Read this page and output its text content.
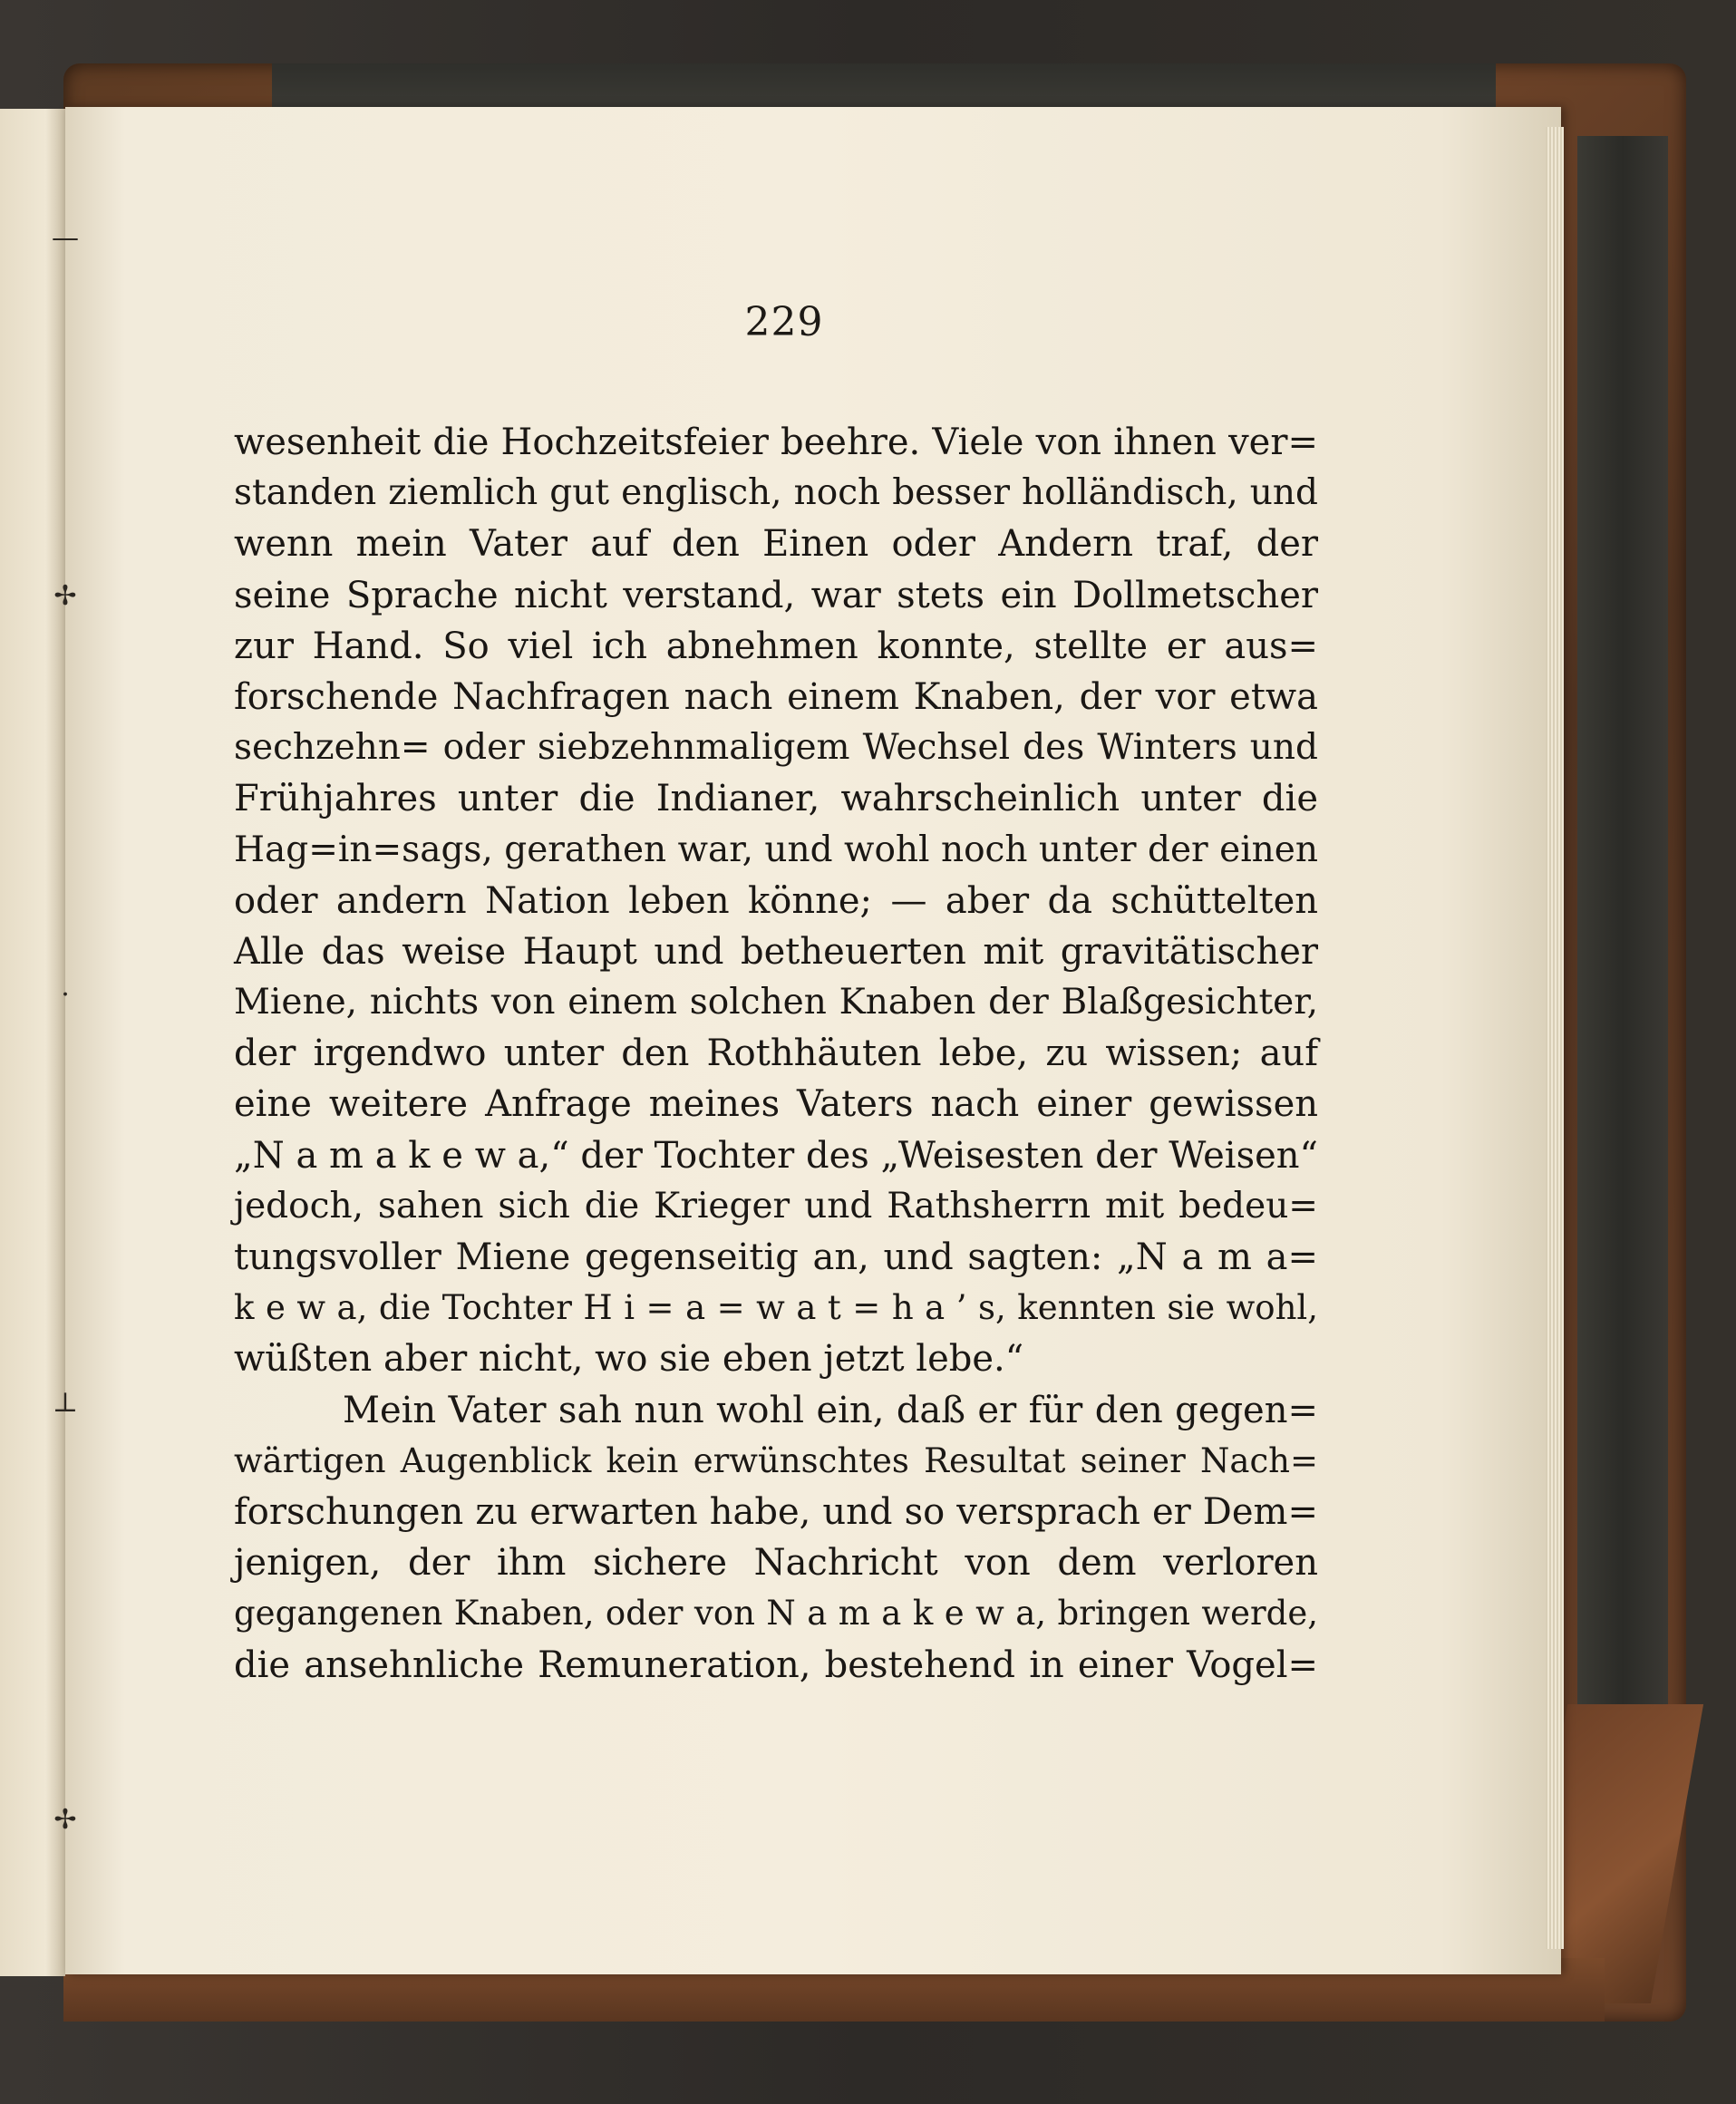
—
✢
·
⊥
✢
229
wesenheit die Hochzeitsfeier beehre. Viele von ihnen ver=
standen ziemlich gut englisch, noch besser holländisch, und
wenn mein Vater auf den Einen oder Andern traf, der
seine Sprache nicht verstand, war stets ein Dollmetscher
zur Hand. So viel ich abnehmen konnte, stellte er aus=
forschende Nachfragen nach einem Knaben, der vor etwa
sechzehn= oder siebzehnmaligem Wechsel des Winters und
Frühjahres unter die Indianer, wahrscheinlich unter die
Hag=in=sags, gerathen war, und wohl noch unter der einen
oder andern Nation leben könne; — aber da schüttelten
Alle das weise Haupt und betheuerten mit gravitätischer
Miene, nichts von einem solchen Knaben der Blaßgesichter,
der irgendwo unter den Rothhäuten lebe, zu wissen; auf
eine weitere Anfrage meines Vaters nach einer gewissen
„N a m a k e w a,“ der Tochter des „Weisesten der Weisen“
jedoch, sahen sich die Krieger und Rathsherrn mit bedeu=
tungsvoller Miene gegenseitig an, und sagten: „N a m a=
k e w a, die Tochter H i = a = w a t = h a ’ s, kennten sie wohl,
wüßten aber nicht, wo sie eben jetzt lebe.“
Mein Vater sah nun wohl ein, daß er für den gegen=
wärtigen Augenblick kein erwünschtes Resultat seiner Nach=
forschungen zu erwarten habe, und so versprach er Dem=
jenigen, der ihm sichere Nachricht von dem verloren
gegangenen Knaben, oder von N a m a k e w a, bringen werde,
die ansehnliche Remuneration, bestehend in einer Vogel=
